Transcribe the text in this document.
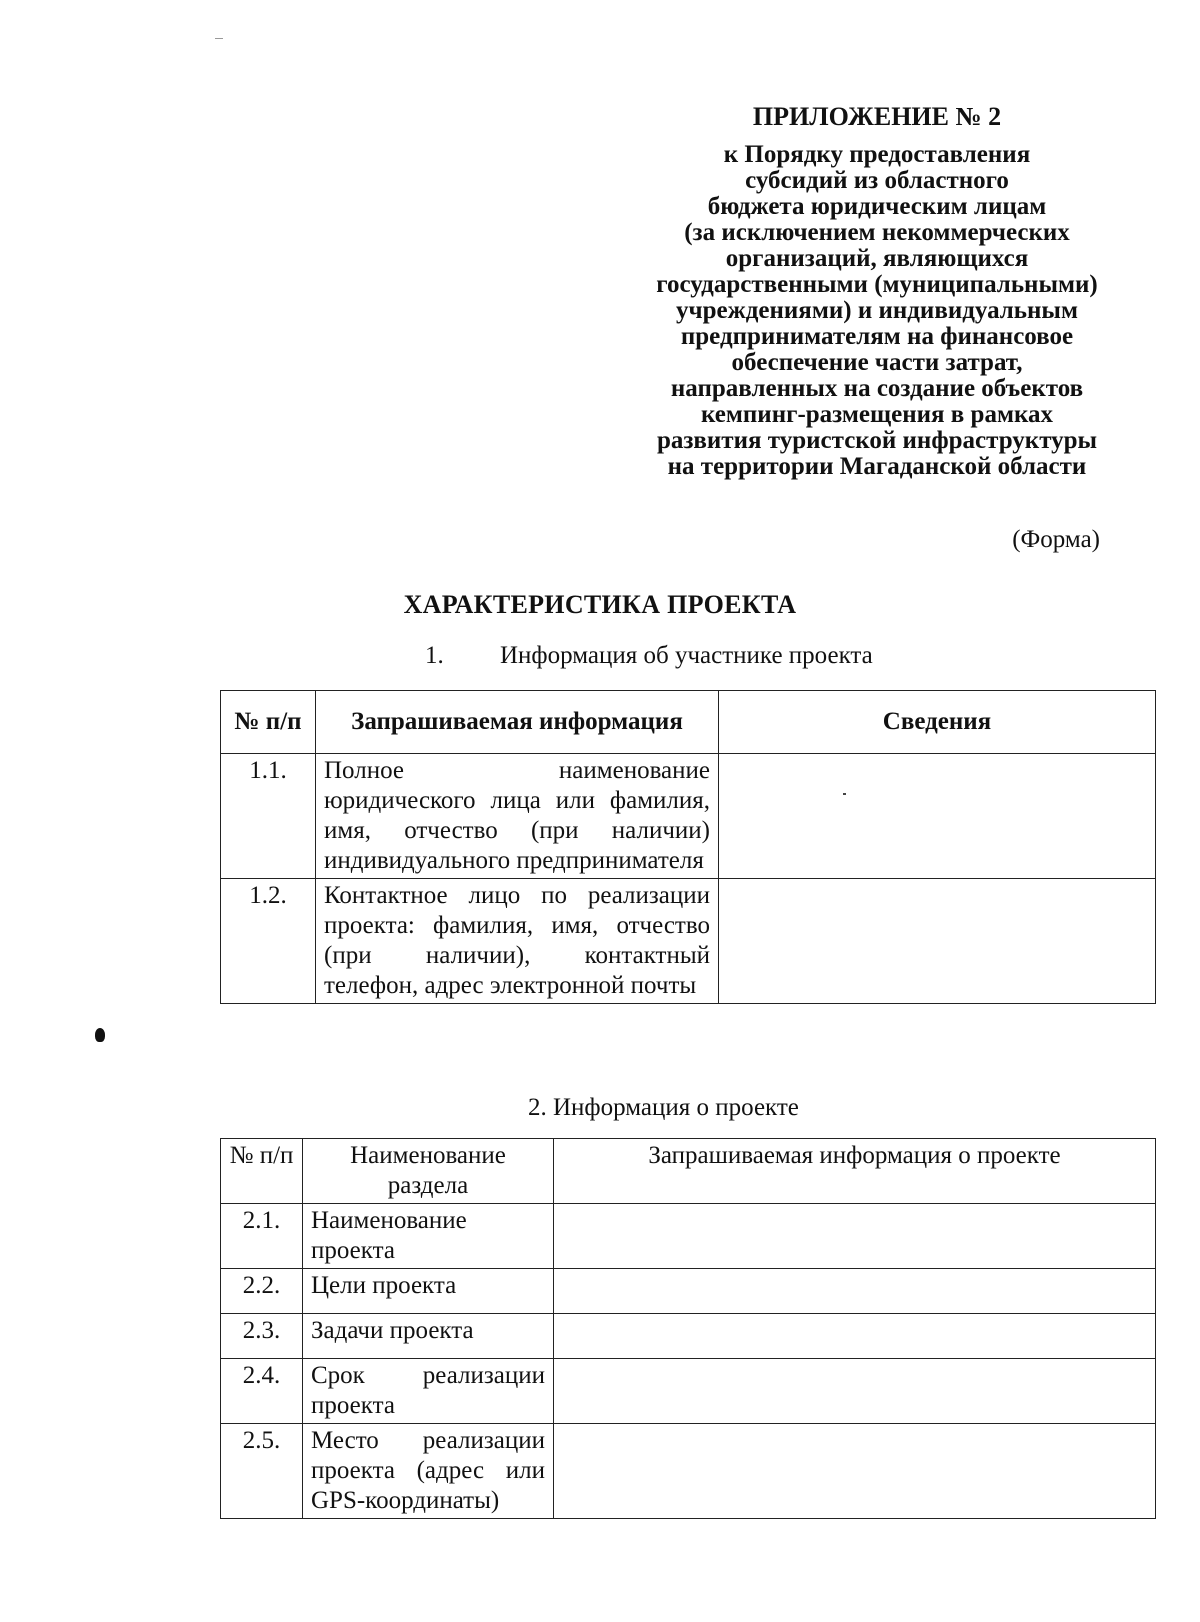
ПРИЛОЖЕНИЕ № 2
к Порядку предоставления
субсидий из областного
бюджета юридическим лицам
(за исключением некоммерческих
организаций, являющихся
государственными (муниципальными)
учреждениями) и индивидуальным
предпринимателям на финансовое
обеспечение части затрат,
направленных на создание объектов
кемпинг-размещения в рамках
развития туристской инфраструктуры
на территории Магаданской области
(Форма)
ХАРАКТЕРИСТИКА ПРОЕКТА
1. Информация об участнике проекта
№ п/п	Запрашиваемая информация	Сведения
1.1.	Полное наименование юридического лица или фамилия, имя, отчество (при наличии) индивидуального предпринимателя	
1.2.	Контактное лицо по реализации проекта: фамилия, имя, отчество (при наличии), контактный телефон, адрес электронной почты	
2. Информация о проекте
№ п/п	Наименование раздела	Запрашиваемая информация о проекте
2.1.	Наименование проекта	
2.2.	Цели проекта	
2.3.	Задачи проекта	
2.4.	Срок реализации проекта	
2.5.	Место реализации проекта (адрес или GPS-координаты)	
